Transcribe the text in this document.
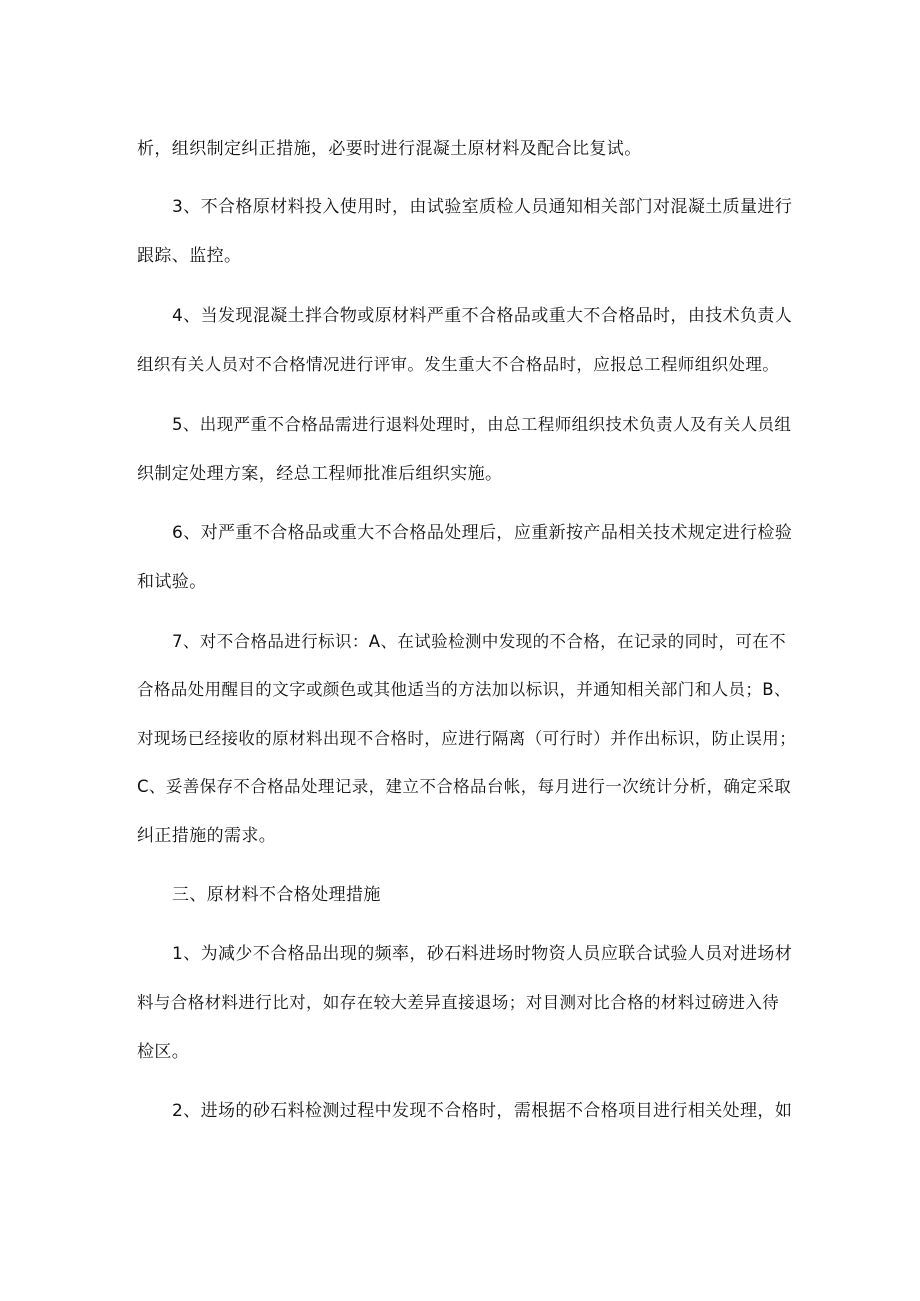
析，组织制定纠正措施，必要时进行混凝土原材料及配合比复试。
3、不合格原材料投入使用时，由试验室质检人员通知相关部门对混凝土质量进行
跟踪、监控。
4、当发现混凝土拌合物或原材料严重不合格品或重大不合格品时，由技术负责人
组织有关人员对不合格情况进行评审。发生重大不合格品时，应报总工程师组织处理。
5、出现严重不合格品需进行退料处理时，由总工程师组织技术负责人及有关人员组
织制定处理方案，经总工程师批准后组织实施。
6、对严重不合格品或重大不合格品处理后，应重新按产品相关技术规定进行检验
和试验。
7、对不合格品进行标识：A、在试验检测中发现的不合格，在记录的同时，可在不
合格品处用醒目的文字或颜色或其他适当的方法加以标识，并通知相关部门和人员；B、
对现场已经接收的原材料出现不合格时，应进行隔离（可行时）并作出标识，防止误用；
C、妥善保存不合格品处理记录，建立不合格品台帐，每月进行一次统计分析，确定采取
纠正措施的需求。
三、原材料不合格处理措施
1、为减少不合格品出现的频率，砂石料进场时物资人员应联合试验人员对进场材
料与合格材料进行比对，如存在较大差异直接退场；对目测对比合格的材料过磅进入待
检区。
2、进场的砂石料检测过程中发现不合格时，需根据不合格项目进行相关处理，如
